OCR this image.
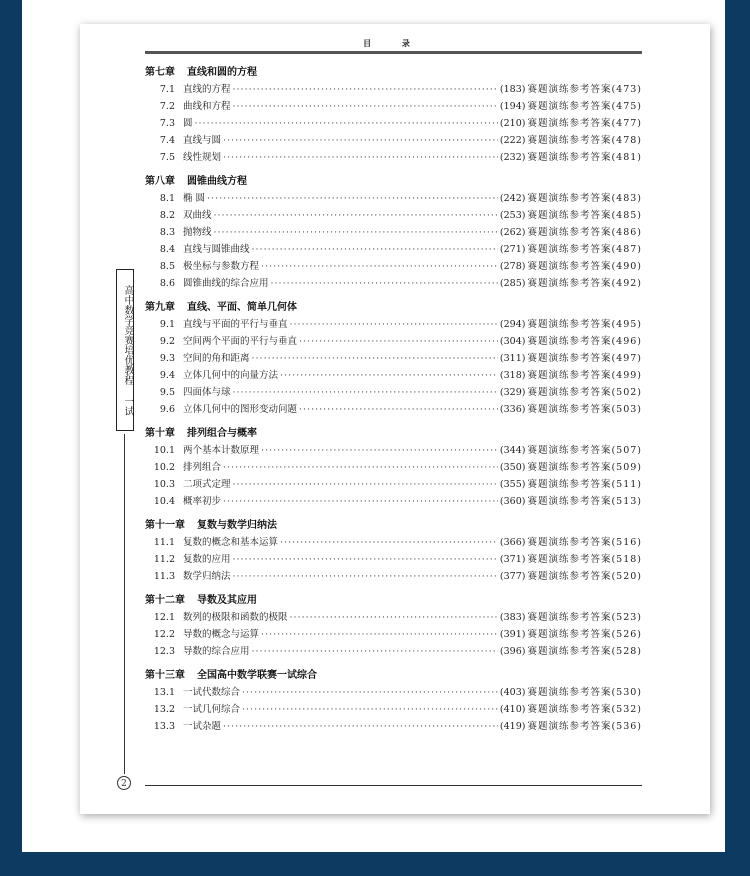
目 录
高中数学竞赛培优教程 一试
第七章 直线和圆的方程
7.1 直线的方程 ·····	(183) 赛题演练参考答案(473)
7.2 曲线和方程 ·····	(194) 赛题演练参考答案(475)
7.3 圆 ·····	(210) 赛题演练参考答案(477)
7.4 直线与圆 ·····	(222) 赛题演练参考答案(478)
7.5 线性规划 ·····	(232) 赛题演练参考答案(481)
第八章 圆锥曲线方程
8.1 椭 圆 ·····	(242) 赛题演练参考答案(483)
8.2 双曲线 ·····	(253) 赛题演练参考答案(485)
8.3 抛物线 ·····	(262) 赛题演练参考答案(486)
8.4 直线与圆锥曲线 ·····	(271) 赛题演练参考答案(487)
8.5 极坐标与参数方程 ·····	(278) 赛题演练参考答案(490)
8.6 圆锥曲线的综合应用 ·····	(285) 赛题演练参考答案(492)
第九章 直线、平面、简单几何体
9.1 直线与平面的平行与垂直 ·····	(294) 赛题演练参考答案(495)
9.2 空间两个平面的平行与垂直 ·····	(304) 赛题演练参考答案(496)
9.3 空间的角和距离 ·····	(311) 赛题演练参考答案(497)
9.4 立体几何中的向量方法 ·····	(318) 赛题演练参考答案(499)
9.5 四面体与球 ·····	(329) 赛题演练参考答案(502)
9.6 立体几何中的图形变动问题 ·····	(336) 赛题演练参考答案(503)
第十章 排列组合与概率
10.1 两个基本计数原理 ·····	(344) 赛题演练参考答案(507)
10.2 排列组合 ·····	(350) 赛题演练参考答案(509)
10.3 二项式定理 ·····	(355) 赛题演练参考答案(511)
10.4 概率初步 ·····	(360) 赛题演练参考答案(513)
第十一章 复数与数学归纳法
11.1 复数的概念和基本运算 ·····	(366) 赛题演练参考答案(516)
11.2 复数的应用 ·····	(371) 赛题演练参考答案(518)
11.3 数学归纳法 ·····	(377) 赛题演练参考答案(520)
第十二章 导数及其应用
12.1 数列的极限和函数的极限 ·····	(383) 赛题演练参考答案(523)
12.2 导数的概念与运算 ·····	(391) 赛题演练参考答案(526)
12.3 导数的综合应用 ·····	(396) 赛题演练参考答案(528)
第十三章 全国高中数学联赛一试综合
13.1 一试代数综合 ·····	(403) 赛题演练参考答案(530)
13.2 一试几何综合 ·····	(410) 赛题演练参考答案(532)
13.3 一试杂题 ·····	(419) 赛题演练参考答案(536)
2
